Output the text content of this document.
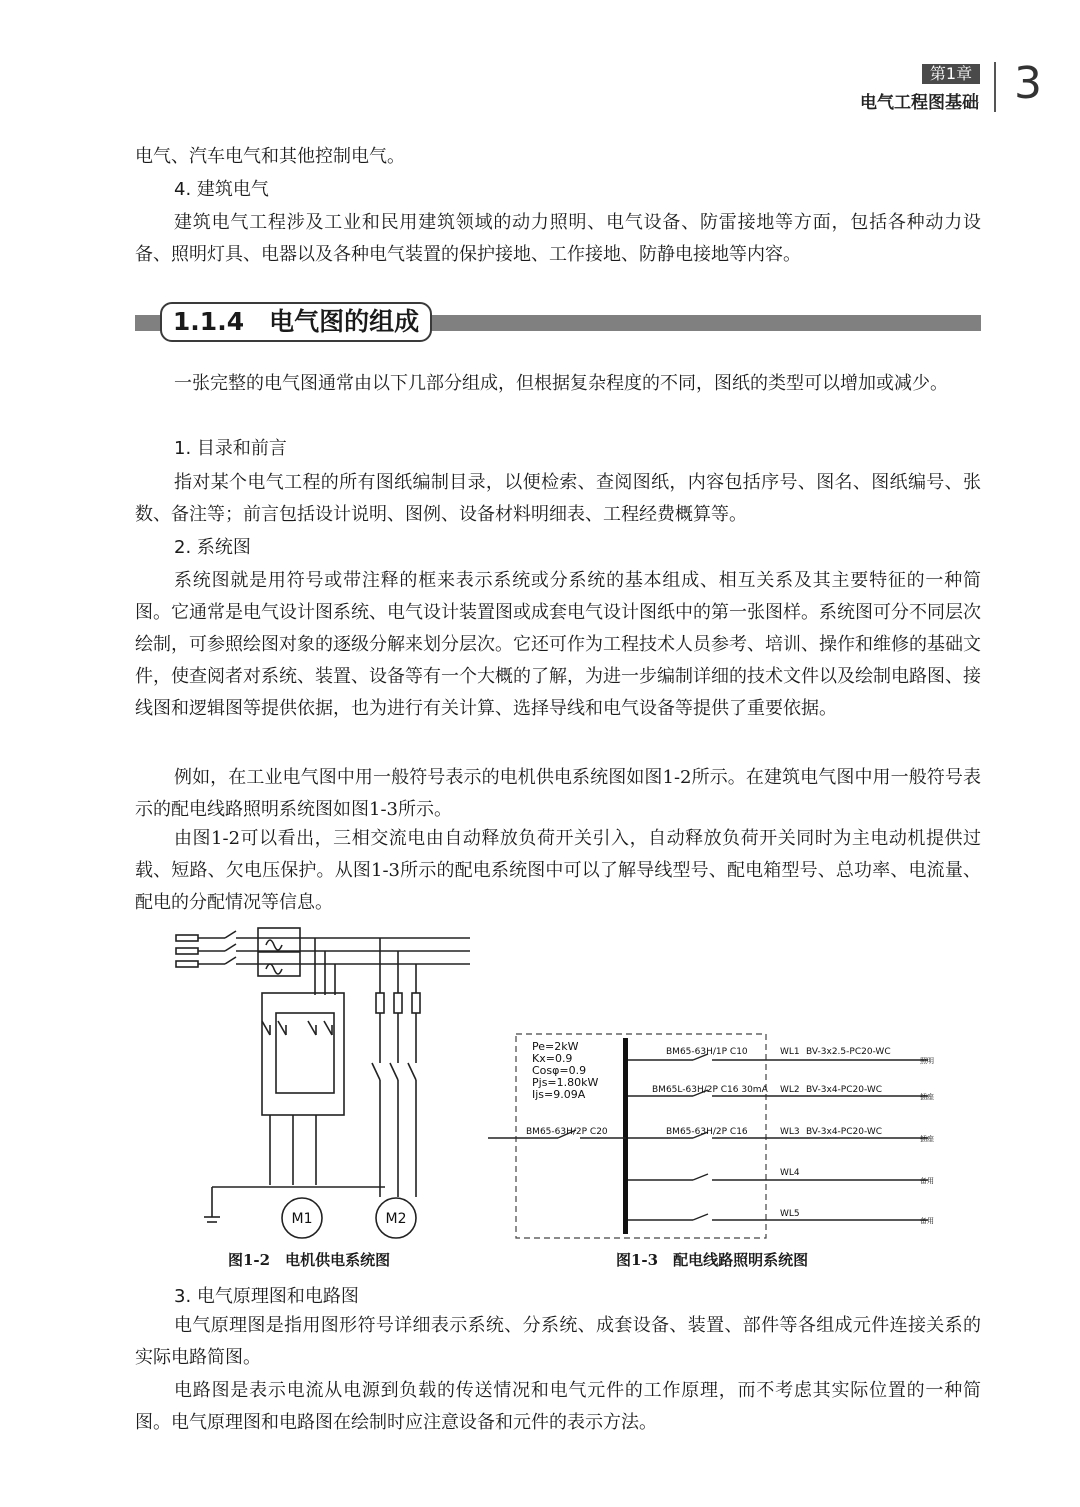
第1章
电气工程图基础 3
电气、汽车电气和其他控制电气。
4. 建筑电气
建筑电气工程涉及工业和民用建筑领域的动力照明、电气设备、防雷接地等方面，包括各种动力设备、照明灯具、电器以及各种电气装置的保护接地、工作接地、防静电接地等内容。
1.1.4　电气图的组成
一张完整的电气图通常由以下几部分组成，但根据复杂程度的不同，图纸的类型可以增加或减少。
1. 目录和前言
指对某个电气工程的所有图纸编制目录，以便检索、查阅图纸，内容包括序号、图名、图纸编号、张数、备注等；前言包括设计说明、图例、设备材料明细表、工程经费概算等。
2. 系统图
系统图就是用符号或带注释的框来表示系统或分系统的基本组成、相互关系及其主要特征的一种简图。它通常是电气设计图系统、电气设计装置图或成套电气设计图纸中的第一张图样。系统图可分不同层次绘制，可参照绘图对象的逐级分解来划分层次。它还可作为工程技术人员参考、培训、操作和维修的基础文件，使查阅者对系统、装置、设备等有一个大概的了解，为进一步编制详细的技术文件以及绘制电路图、接线图和逻辑图等提供依据，也为进行有关计算、选择导线和电气设备等提供了重要依据。
例如，在工业电气图中用一般符号表示的电机供电系统图如图1-2所示。在建筑电气图中用一般符号表示的配电线路照明系统图如图1-3所示。
由图1-2可以看出，三相交流电由自动释放负荷开关引入，自动释放负荷开关同时为主电动机提供过载、短路、欠电压保护。从图1-3所示的配电系统图中可以了解导线型号、配电箱型号、总功率、电流量、配电的分配情况等信息。
M1	M2
图1-2　电机供电系统图
Pe=2kW
Kx=0.9
Cosφ=0.9
Pjs=1.80kW
Ijs=9.09A
BM65-63H/2P C20
BM65-63H/1P C10
BM65L-63H/2P C16 30mA
BM65-63H/2P C16
WL1
WL2
WL3
WL4
WL5
BV-3x2.5-PC20-WC
BV-3x4-PC20-WC
BV-3x4-PC20-WC
照明
插座
插座
备用
备用
图1-3　配电线路照明系统图
3. 电气原理图和电路图
电气原理图是指用图形符号详细表示系统、分系统、成套设备、装置、部件等各组成元件连接关系的实际电路简图。
电路图是表示电流从电源到负载的传送情况和电气元件的工作原理，而不考虑其实际位置的一种简图。电气原理图和电路图在绘制时应注意设备和元件的表示方法。
